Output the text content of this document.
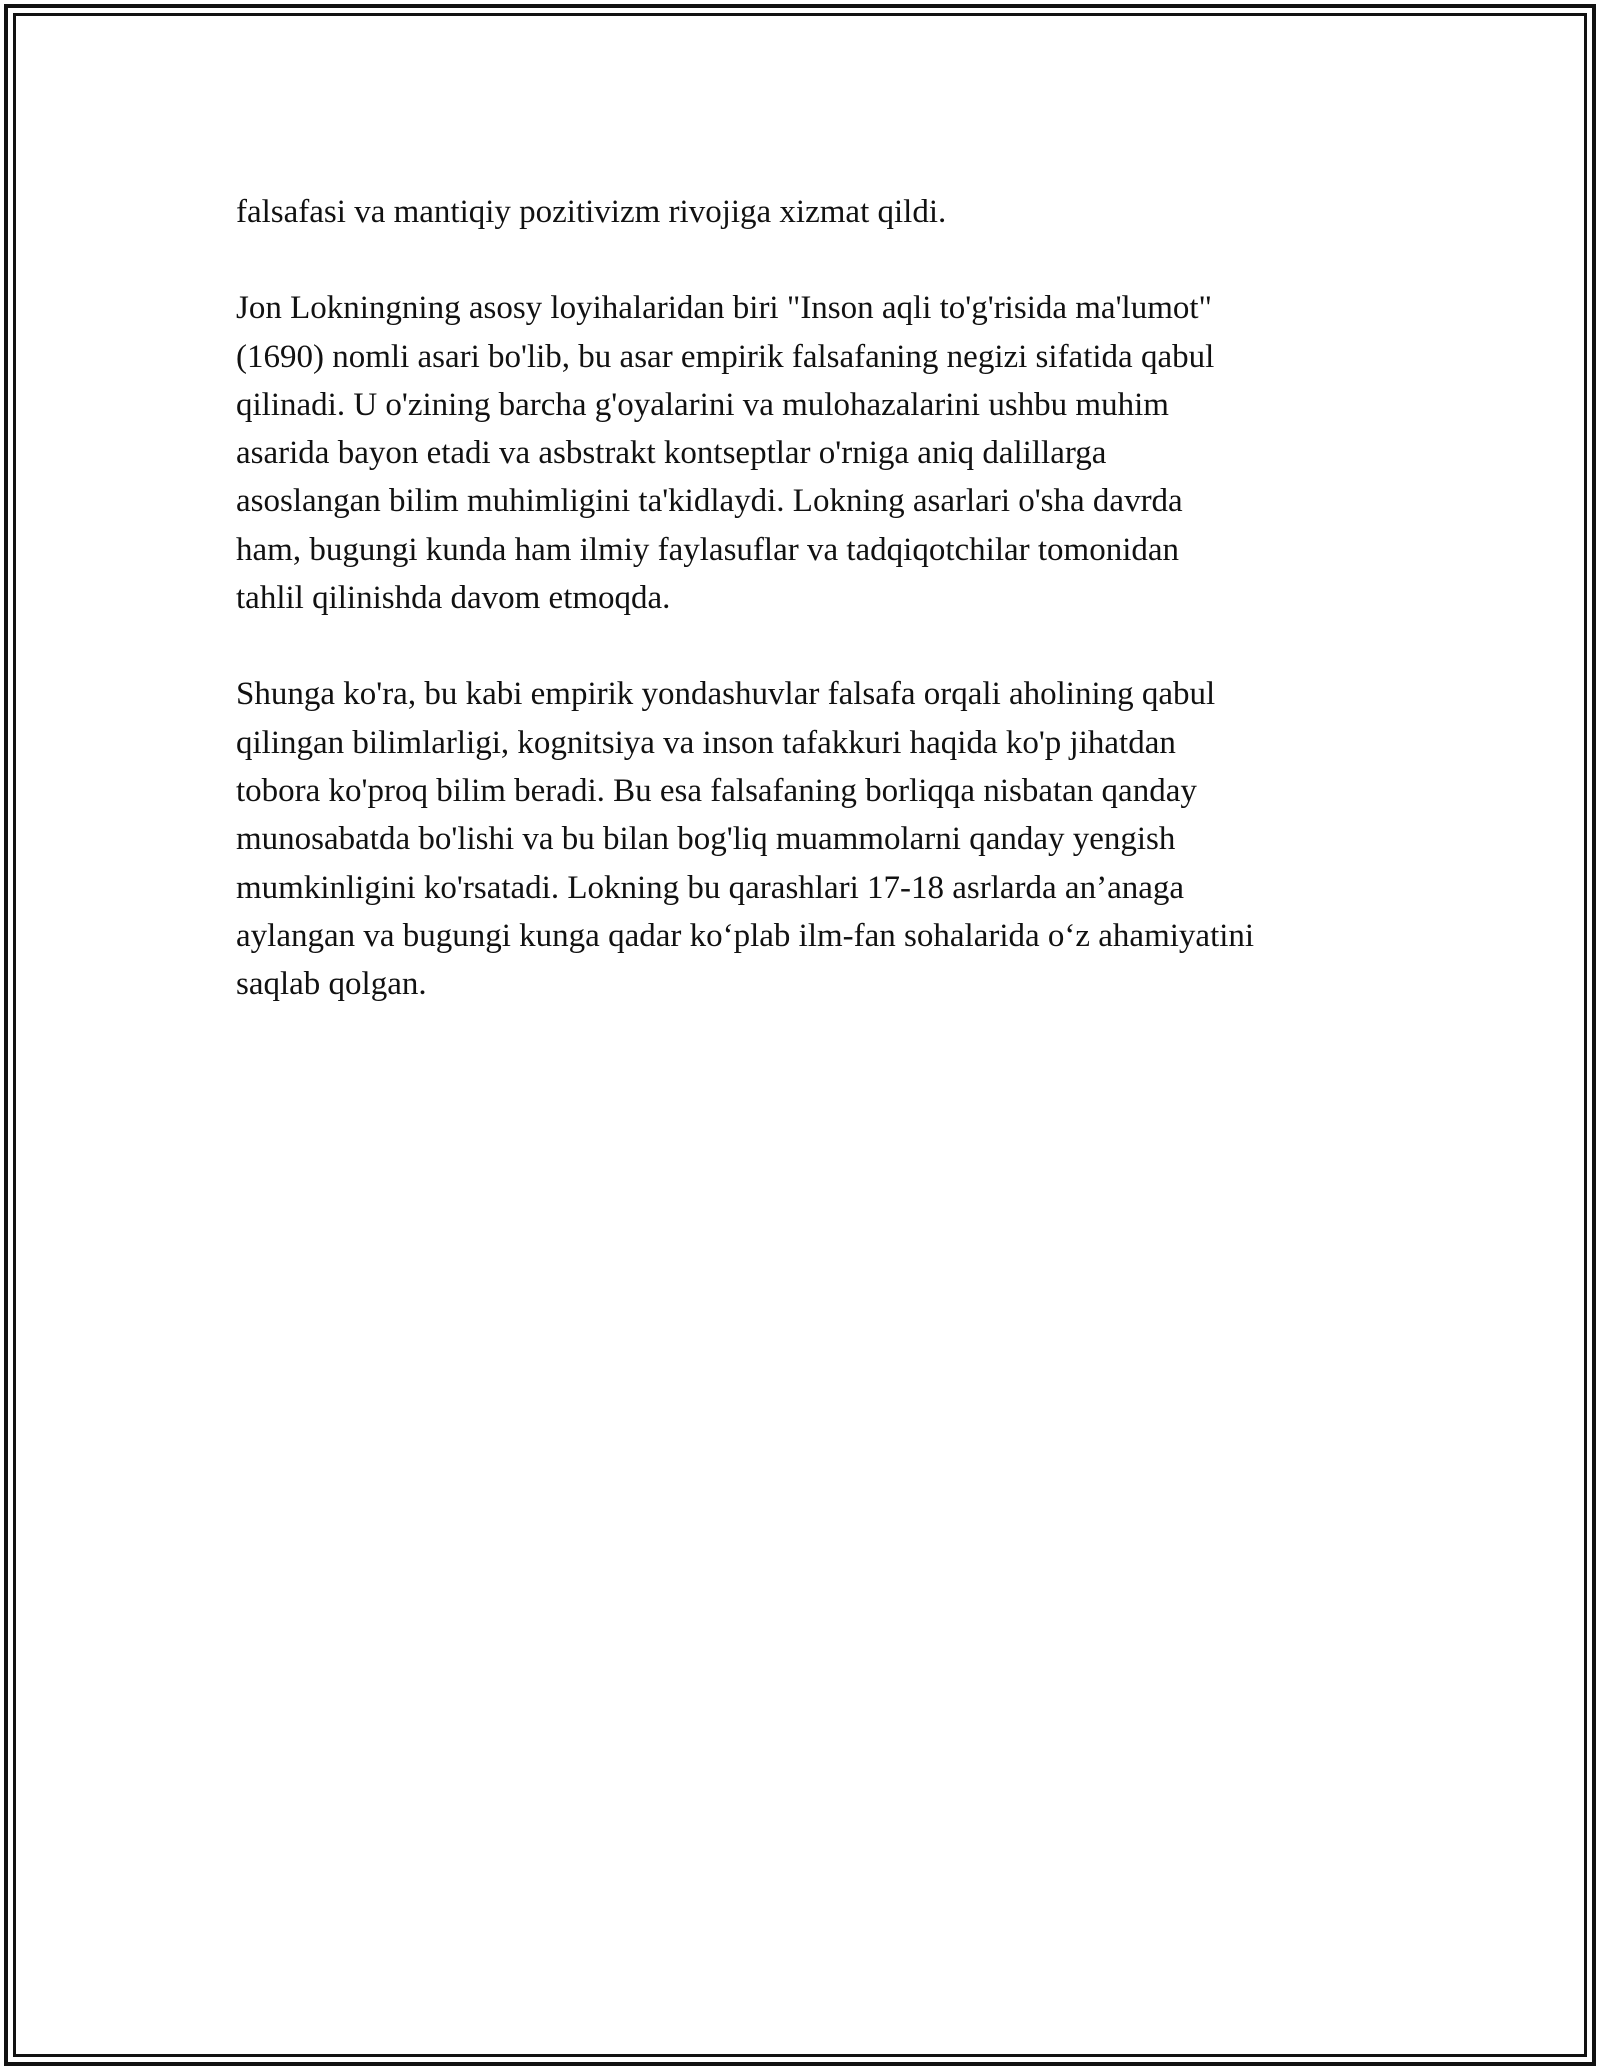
falsafasi va mantiqiy pozitivizm rivojiga xizmat qildi.

Jon Lokningning asosy loyihalaridan biri "Inson aqli to'g'risida ma'lumot"
(1690) nomli asari bo'lib, bu asar empirik falsafaning negizi sifatida qabul
qilinadi. U o'zining barcha g'oyalarini va mulohazalarini ushbu muhim
asarida bayon etadi va asbstrakt kontseptlar o'rniga aniq dalillarga
asoslangan bilim muhimligini ta'kidlaydi. Lokning asarlari o'sha davrda
ham, bugungi kunda ham ilmiy faylasuflar va tadqiqotchilar tomonidan
tahlil qilinishda davom etmoqda.

Shunga ko'ra, bu kabi empirik yondashuvlar falsafa orqali aholining qabul
qilingan bilimlarligi, kognitsiya va inson tafakkuri haqida ko'p jihatdan
tobora ko'proq bilim beradi. Bu esa falsafaning borliqqa nisbatan qanday
munosabatda bo'lishi va bu bilan bog'liq muammolarni qanday yengish
mumkinligini ko'rsatadi. Lokning bu qarashlari 17-18 asrlarda an’anaga
aylangan va bugungi kunga qadar ko‘plab ilm-fan sohalarida o‘z ahamiyatini
saqlab qolgan.
